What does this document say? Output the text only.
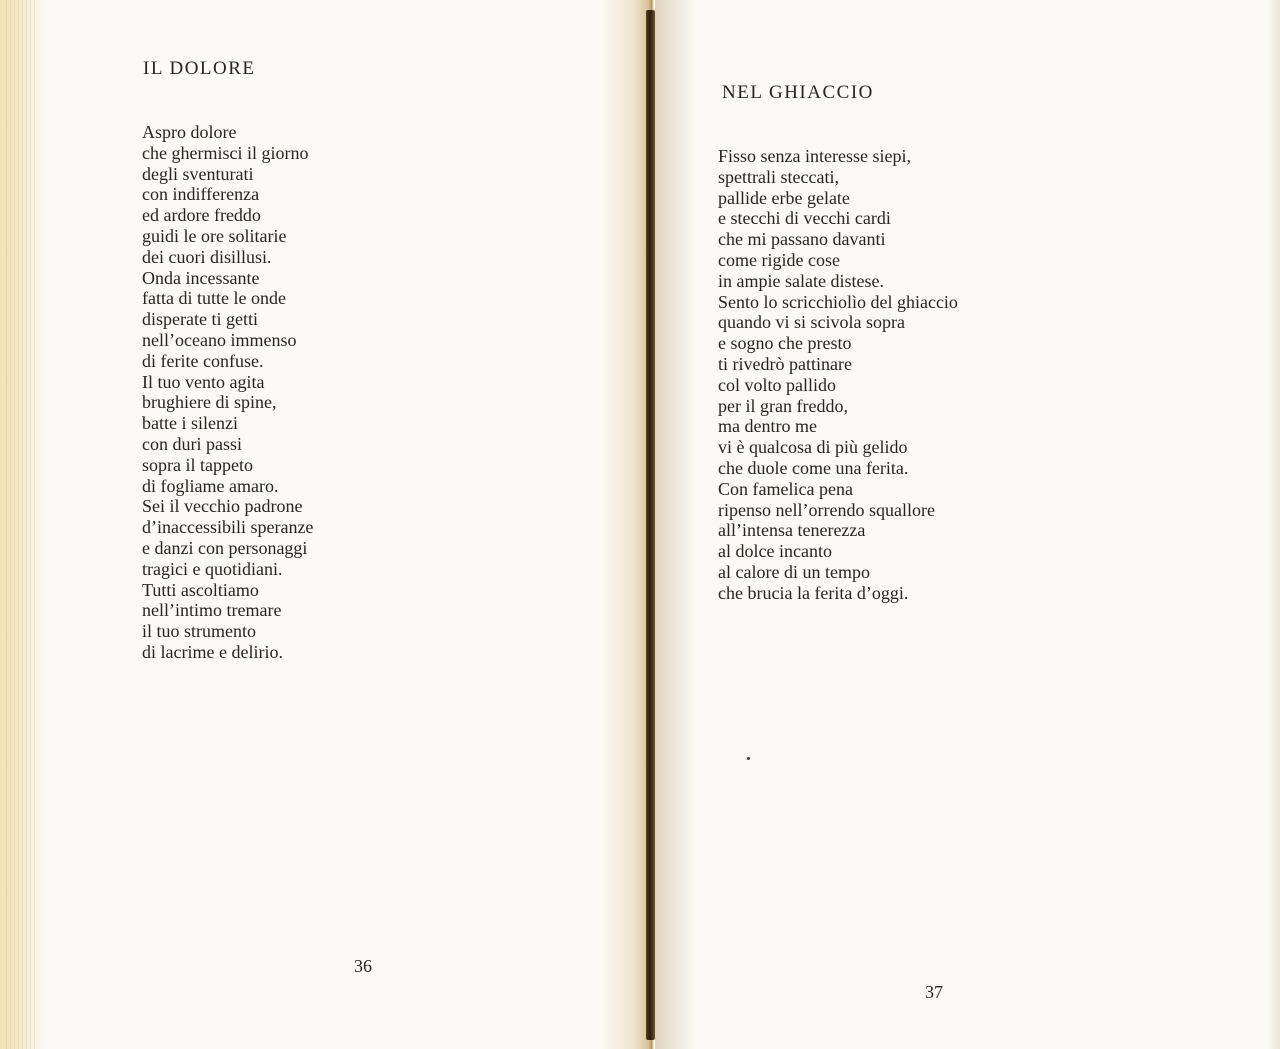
IL DOLORE
Aspro dolore
che ghermisci il giorno
degli sventurati
con indifferenza
ed ardore freddo
guidi le ore solitarie
dei cuori disillusi.
Onda incessante
fatta di tutte le onde
disperate ti getti
nell’oceano immenso
di ferite confuse.
Il tuo vento agita
brughiere di spine,
batte i silenzi
con duri passi
sopra il tappeto
di fogliame amaro.
Sei il vecchio padrone
d’inaccessibili speranze
e danzi con personaggi
tragici e quotidiani.
Tutti ascoltiamo
nell’intimo tremare
il tuo strumento
di lacrime e delirio.

36

NEL GHIACCIO
Fisso senza interesse siepi,
spettrali steccati,
pallide erbe gelate
e stecchi di vecchi cardi
che mi passano davanti
come rigide cose
in ampie salate distese.
Sento lo scricchiolìo del ghiaccio
quando vi si scivola sopra
e sogno che presto
ti rivedrò pattinare
col volto pallido
per il gran freddo,
ma dentro me
vi è qualcosa di più gelido
che duole come una ferita.
Con famelica pena
ripenso nell’orrendo squallore
all’intensa tenerezza
al dolce incanto
al calore di un tempo
che brucia la ferita d’oggi.

37
